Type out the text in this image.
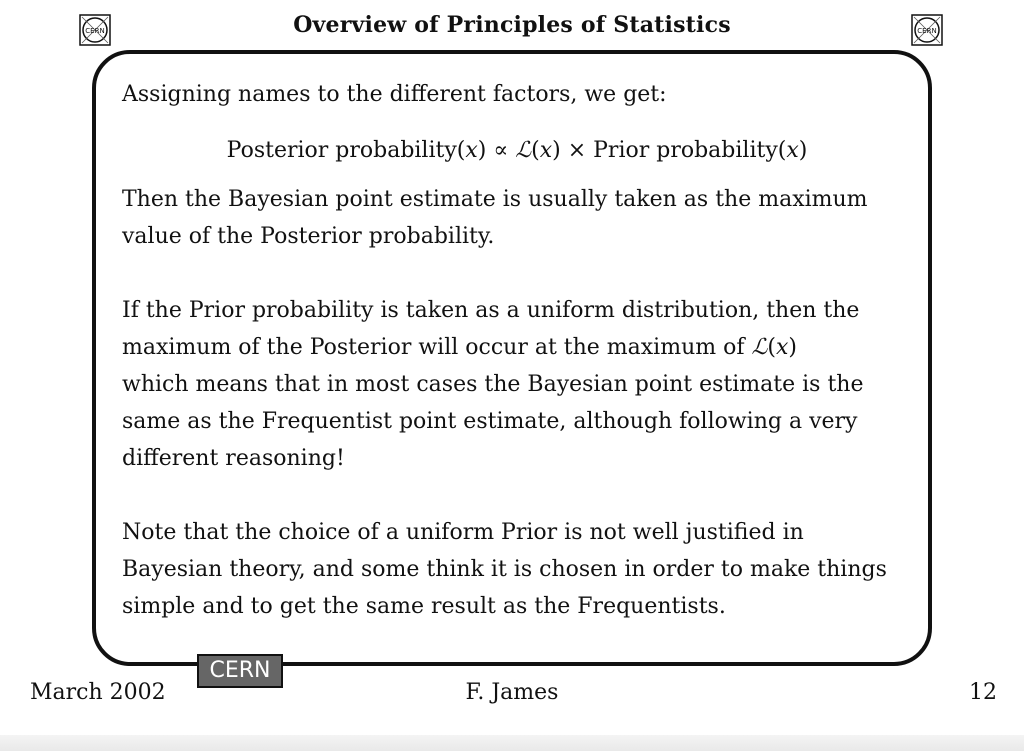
CERN	Overview of Principles of Statistics	CERN

Assigning names to the different factors, we get:

Posterior probability(x) ∝ ℒ(x) × Prior probability(x)

Then the Bayesian point estimate is usually taken as the maximum

value of the Posterior probability.

If the Prior probability is taken as a uniform distribution, then the

maximum of the Posterior will occur at the maximum of ℒ(x)

which means that in most cases the Bayesian point estimate is the

same as the Frequentist point estimate, although following a very

different reasoning!

Note that the choice of a uniform Prior is not well justified in

Bayesian theory, and some think it is chosen in order to make things

simple and to get the same result as the Frequentists.

March 2002
CERN
F. James	12
